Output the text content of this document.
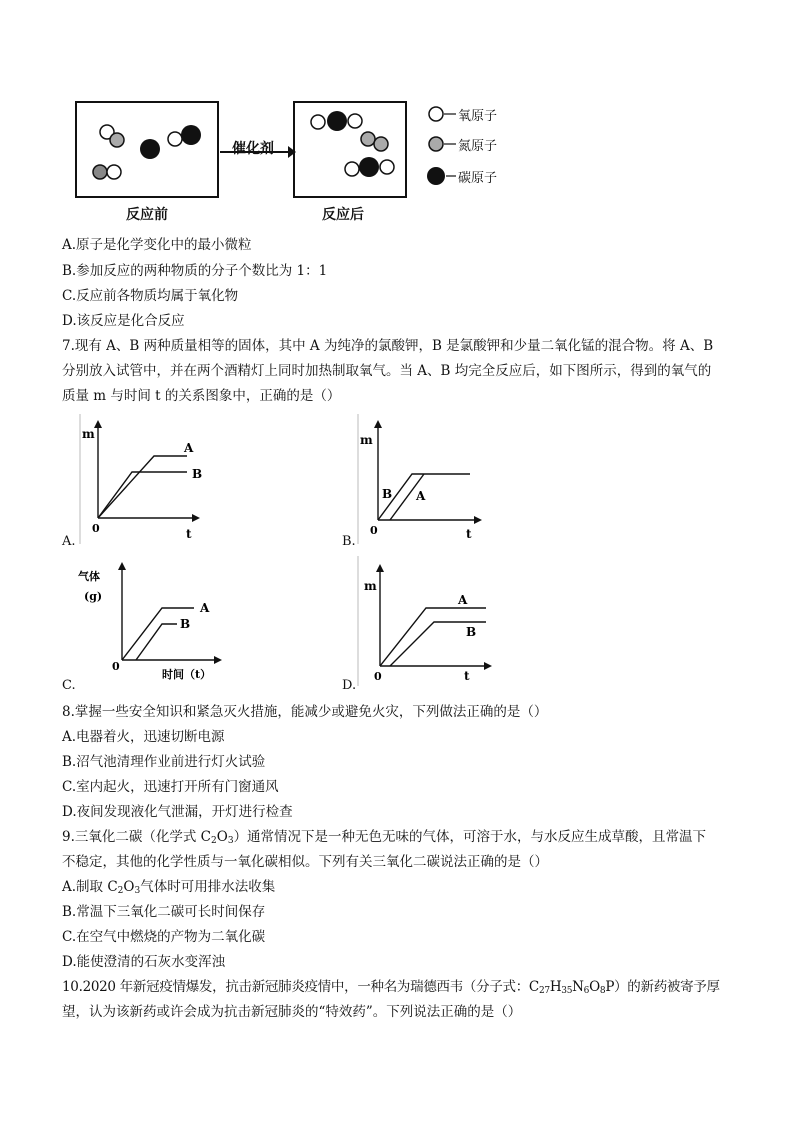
催化剂
反应前	反应后
氧原子
氮原子
碳原子
A.原子是化学变化中的最小微粒
B.参加反应的两种物质的分子个数比为 1：1
C.反应前各物质均属于氧化物
D.该反应是化合反应
7.现有 A、B 两种质量相等的固体，其中 A 为纯净的氯酸钾，B 是氯酸钾和少量二氧化锰的混合物。将 A、B
分别放入试管中，并在两个酒精灯上同时加热制取氧气。当 A、B 均完全反应后，如下图所示，得到的氧气的
质量 m 与时间 t 的关系图象中，正确的是（）
m
0	t
A
B
A.
m
0	t
B A
B.
气体
(g)
0
时间（t）
A
B
C.
m
0	t
A
B
D.
8.掌握一些安全知识和紧急灭火措施，能减少或避免火灾，下列做法正确的是（）
A.电器着火，迅速切断电源
B.沼气池清理作业前进行灯火试验
C.室内起火，迅速打开所有门窗通风
D.夜间发现液化气泄漏，开灯进行检查
9.三氧化二碳（化学式 $C_2O_3$）通常情况下是一种无色无味的气体，可溶于水，与水反应生成草酸，且常温下
不稳定，其他的化学性质与一氧化碳相似。下列有关三氧化二碳说法正确的是（）
A.制取 $C_2O_3$气体时可用排水法收集
B.常温下三氧化二碳可长时间保存
C.在空气中燃烧的产物为二氧化碳
D.能使澄清的石灰水变浑浊
10.2020 年新冠疫情爆发，抗击新冠肺炎疫情中，一种名为瑞德西韦（分子式：$C_{27}H_{35}N_6O_8P$）的新药被寄予厚
望，认为该新药或许会成为抗击新冠肺炎的“特效药”。下列说法正确的是（）
